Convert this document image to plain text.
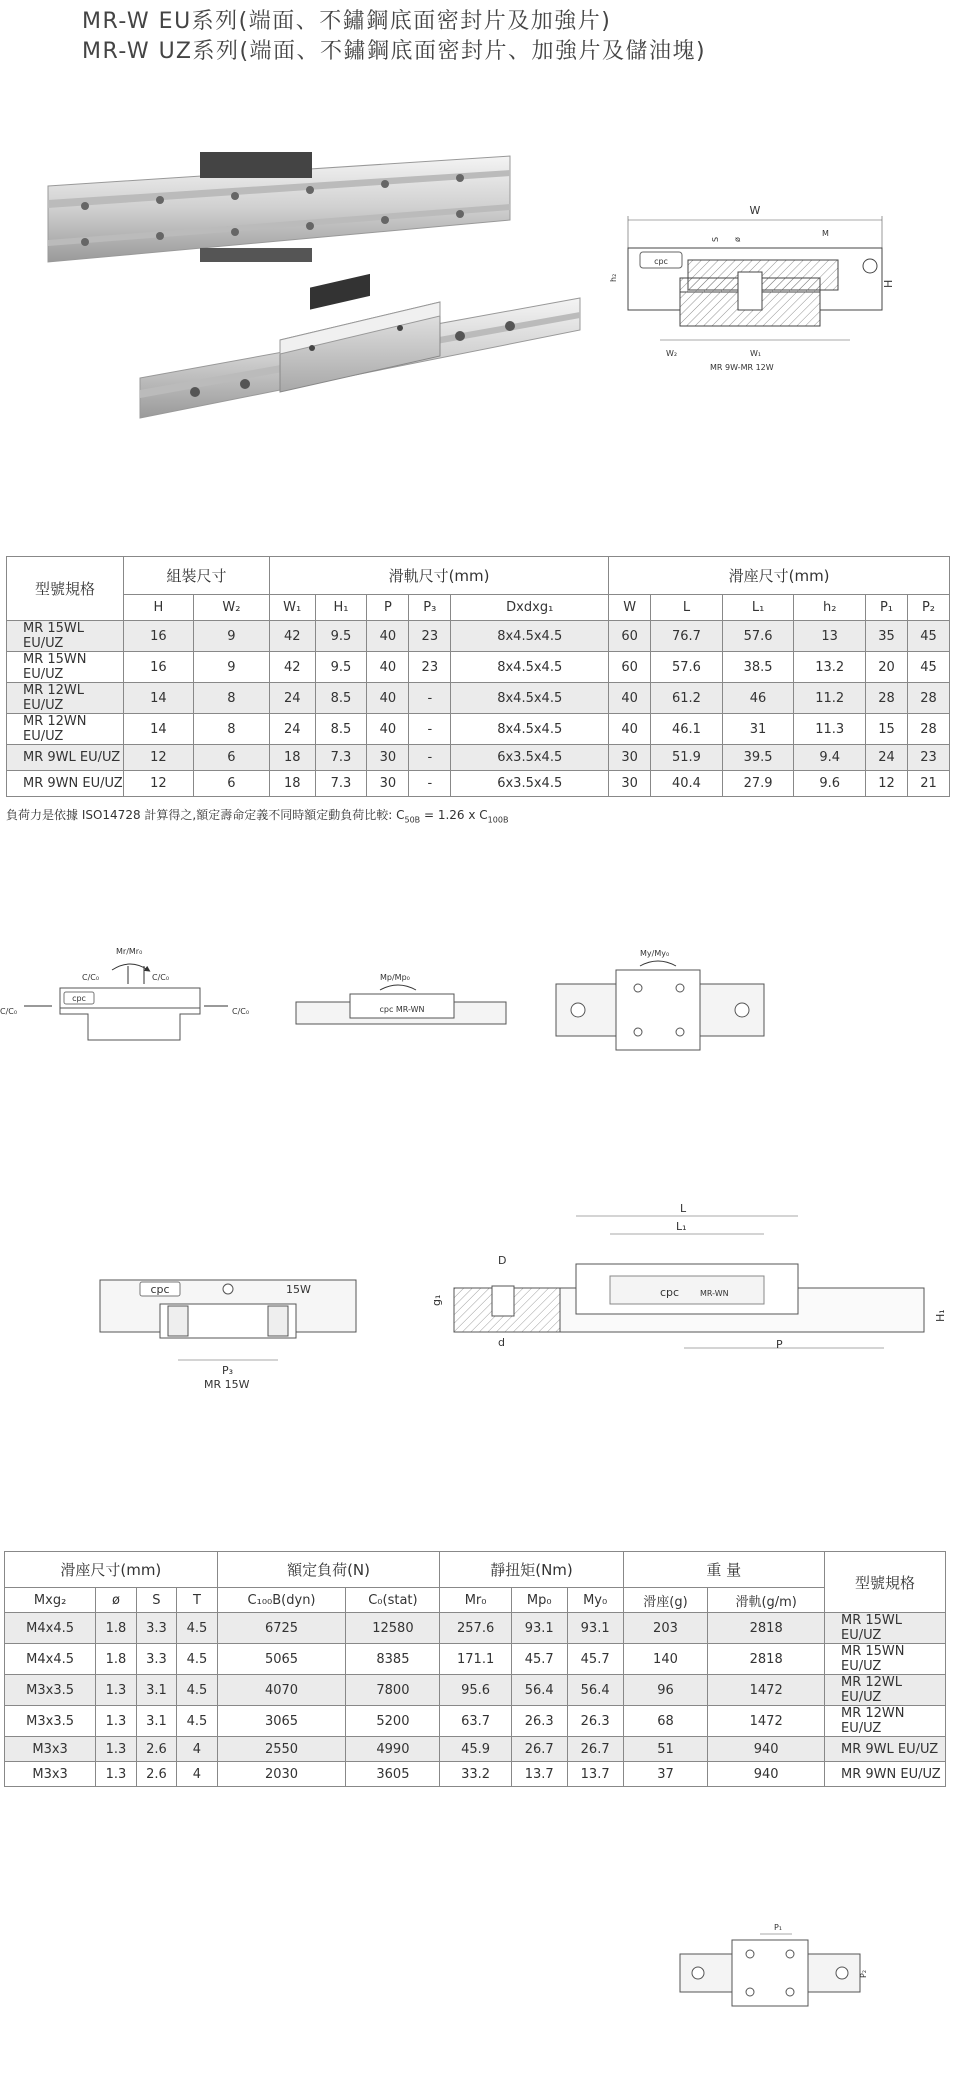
MR-W EU系列(端面、不鏽鋼底面密封片及加強片)
MR-W UZ系列(端面、不鏽鋼底面密封片、加強片及儲油塊)
W
M
S ø
h₂
H
cpc
W₂	W₁
MR 9W-MR 12W
型號規格	組裝尺寸		滑軌尺寸(mm)					滑座尺寸(mm)					
	H	W₂	W₁	H₁	P	P₃	Dxdxg₁	W	L	L₁	h₂	P₁	P₂
MR 15WL EU/UZ	16	9	42	9.5	40	23	8x4.5x4.5	60	76.7	57.6	13	35	45
MR 15WN EU/UZ	16	9	42	9.5	40	23	8x4.5x4.5	60	57.6	38.5	13.2	20	45
MR 12WL EU/UZ	14	8	24	8.5	40	-	8x4.5x4.5	40	61.2	46	11.2	28	28
MR 12WN EU/UZ	14	8	24	8.5	40	-	8x4.5x4.5	40	46.1	31	11.3	15	28
MR 9WL EU/UZ	12	6	18	7.3	30	-	6x3.5x4.5	30	51.9	39.5	9.4	24	23
MR 9WN EU/UZ	12	6	18	7.3	30	-	6x3.5x4.5	30	40.4	27.9	9.6	12	21
負荷力是依據 ISO14728 計算得之,額定壽命定義不同時額定動負荷比較: $C_{50B} = 1.26$ x $C_{100B}$
Mr/Mr₀
C/C₀	C/C₀
cpc
C/C₀	C/C₀
Mp/Mp₀
cpc MR-WN
My/My₀
cpc	15W
P₃
MR 15W
L
L₁
D
g₁
cpc	MR-WN
d	P
H₁
滑座尺寸(mm)				額定負荷(N)		靜扭矩(Nm)			重 量		型號規格
Mxg₂	ø	S	T	C₁₀₀B(dyn)	C₀(stat)	Mr₀	Mp₀	My₀	滑座(g)	滑軌(g/m)	
M4x4.5	1.8	3.3	4.5	6725	12580	257.6	93.1	93.1	203	2818	MR 15WL EU/UZ
M4x4.5	1.8	3.3	4.5	5065	8385	171.1	45.7	45.7	140	2818	MR 15WN EU/UZ
M3x3.5	1.3	3.1	4.5	4070	7800	95.6	56.4	56.4	96	1472	MR 12WL EU/UZ
M3x3.5	1.3	3.1	4.5	3065	5200	63.7	26.3	26.3	68	1472	MR 12WN EU/UZ
M3x3	1.3	2.6	4	2550	4990	45.9	26.7	26.7	51	940	MR 9WL EU/UZ
M3x3	1.3	2.6	4	2030	3605	33.2	13.7	13.7	37	940	MR 9WN EU/UZ
P₁
P₂
